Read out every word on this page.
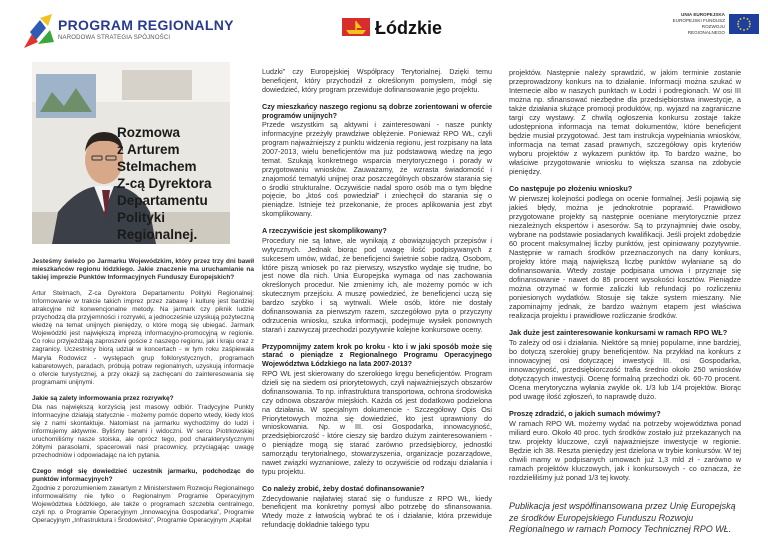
PROGRAM REGIONALNY
NARODOWA STRATEGIA SPÓJNOŚCI	Łódzkie
UNIA EUROPEJSKA
EUROPEJSKI FUNDUSZ
ROZWOJU REGIONALNEGO
Rozmowa
z Arturem Stelmachem
Z-cą Dyrektora
Departamentu
Polityki Regionalnej.

Jesteśmy świeżo po Jarmarku Wojewódzkim, który przez trzy dni bawił mieszkańców regionu łódzkiego. Jakie znaczenie ma uruchamianie na takiej imprezie Punktów Informacyjnych Funduszy Europejskich?

Artur Stelmach, Z-ca Dyrektora Departamentu Polityki Regionalnej: Informowanie w trakcie takich imprez przez zabawę i kulturę jest bardziej atrakcyjne niż konwencjonalne metody. Na jarmark czy piknik ludzie przychodzą dla przyjemności i rozrywki, a jednocześnie uzyskują pożyteczną wiedzę na temat unijnych pieniędzy, o które mogą się ubiegać. Jarmark Wojewódzki jest największą imprezą informacyjno-promocyjną w regionie. Co roku przyjeżdżają zaproszeni goście z naszego regionu, jak i kraju oraz z zagranicy. Uczestnicy biorą udział w koncertach - w tym roku zaśpiewała Maryla Rodowicz - występach grup folklorystycznych, programach kabaretowych, paradach, próbują potraw regionalnych, uzyskują informacje o ofercie turystycznej, a przy okazji są zachęcani do zainteresowania się programami unijnymi.

Jakie są zalety informowania przez rozrywkę?

Dla nas największą korzyścią jest masowy odbiór. Tradycyjne Punkty Informacyjne działają statycznie - możemy pomóc doperto wtedy, kiedy ktoś się z nami skontaktuje. Natomiast na jarmarku wychodzimy do ludzi i informujemy aktywnie. Byliśmy barwni i widoczni. W sercu Piotrkowskiej uruchomiliśmy nasze stoiska, ale oprócz tego, pod charakterystycznymi żółtymi parasolami, spacerowali nasi pracownicy, przyciągając uwagę przechodniów i odpowiadając na ich pytania.

Czego mógł się dowiedzieć uczestnik jarmarku, podchodząc do punktów informacyjnych?

Zgodnie z porozumieniem zawartym z Ministerstwem Rozwoju Regionalnego informowaliśmy nie tylko o Regionalnym Programie Operacyjnym Województwa Łódzkiego, ale także o programach szczebla centralnego, czyli np. o Programie Operacyjnym „Innowacyjna Gospodarka”, Programie Operacyjnym „Infrastruktura i Środowisko”, Programie Operacyjnym „Kapitał

Ludzki” czy Europejskiej Współpracy Terytorialnej. Dzięki temu beneficjent, który przychodził z określonym pomysłem, mógł się dowiedzieć, który program przewiduje dofinansowanie jego projektu.

Czy mieszkańcy naszego regionu są dobrze zorientowani w ofercie programów unijnych?

Przede wszystkim są aktywni i zainteresowani - nasze punkty informacyjne przeżyły prawdziwe oblężenie. Ponieważ RPO WŁ, czyli program najważniejszy z punktu widzenia regionu, jest rozpisany na lata 2007-2013, wielu beneficjentów ma już podstawową wiedzę na jego temat. Szukają konkretnego wsparcia merytorycznego i porady w przygotowaniu wniosków. Zauważamy, że wzrasta świadomość i znajomość tematyki unijnej oraz poszczególnych obszarów starania się o środki strukturalne. Oczywiście nadal sporo osób ma o tym błędne pojęcie, bo „ktoś coś powiedział” i zniechęcił do starania się o pieniądze. Istnieje też przekonanie, że proces aplikowania jest zbyt skomplikowany.

A rzeczywiście jest skomplikowany?

Procedury nie są łatwe, ale wynikają z obowiązujących przepisów i wytycznych. Jednak biorąc pod uwagę ilość podpisywanych z sukcesem umów, widać, że beneficjenci świetnie sobie radzą. Osobom, które piszą wniosek po raz pierwszy, wszystko wydaje się trudne, bo jest nowe dla nich. Unia Europejska wymaga od nas zachowania określonych procedur. Nie zmienimy ich, ale możemy pomóc w ich skutecznym przejściu. A muszę powiedzieć, że beneficjenci uczą się bardzo szybko i są wytrwali. Wiele osób, które nie dostały dofinansowania za pierwszym razem, szczegółowo pyta o przyczyny odrzucenia wniosku, szuka informacji, podejmuje wysiłek ponownych starań i zazwyczaj przechodzi pozytywnie kolejne konkursowe oceny.

Przypomnijmy zatem krok po kroku - kto i w jaki sposób może się starać o pieniądze z Regionalnego Programu Operacyjnego Województwa Łódzkiego na lata 2007-2013?

RPO WŁ jest skierowany do szerokiego kręgu beneficjentów. Program dzieli się na siedem osi priorytetowych, czyli najważniejszych obszarów dofinansowania. To np. infrastruktura transportowa, ochrona środowiska czy odnowa obszarów miejskich. Każda oś jest dodatkowo podzielona na działania. W specjalnym dokumencie - Szczegółowy Opis Osi Priorytetowych można się dowiedzieć, kto jest uprawniony do wnioskowania. Np. w III. osi Gospodarka, innowacyjność, przedsiębiorczość - które cieszy się bardzo dużym zainteresowaniem - o pieniądze mogą się starać zarówno przedsiębiorcy, jednostki samorządu terytorialnego, stowarzyszenia, organizacje pozarządowe, nawet związki wyznaniowe, zależy to oczywiście od rodzaju działania i typu projektu.

Co należy zrobić, żeby dostać dofinansowanie?

Zdecydowanie najłatwiej starać się o fundusze z RPO WŁ, kiedy beneficjent ma konkretny pomysł albo potrzebę do sfinansowania. Wtedy może z łatwością wybrać te oś i działanie, która przewiduje refundację dokładnie takiego typu

projektów. Następnie należy sprawdzić, w jakim terminie zostanie przeprowadzony konkurs na to działanie. Informacji można szukać w Internecie albo w naszych punktach w Łodzi i podregionach. W osi III można np. sfinansować niezbędne dla przedsiębiorstwa inwestycje, a także działania służące promocji produktów, np. wyjazd na zagraniczne targi czy wystawy. Z chwilą ogłoszenia konkursu zostaje także udostępniona informacja na temat dokumentów, które beneficjent będzie musiał przygotować. Jest tam instrukcja wypełniania wniosków, informacja na temat zasad prawnych, szczegółowy opis kryteriów wyboru projektów z wykazem punktów itp. To bardzo ważne, bo właściwe przygotowanie wniosku to większa szansa na zdobycie pieniędzy.

Co następuje po złożeniu wniosku?

W pierwszej kolejności podlega on ocenie formalnej. Jeśli pojawią się jakieś błędy, można je jednokrotnie poprawić. Prawidłowo przygotowane projekty są następnie oceniane merytorycznie przez niezależnych ekspertów i asesorów. Są to przynajmniej dwie osoby, wybrane na podstawie posiadanych kwalifikacji. Jeśli projekt zdobędzie 60 procent maksymalnej liczby punktów, jest opiniowany pozytywnie. Następnie w ramach środków przeznaczonych na dany konkurs, projekty które mają największą liczbę punktów wyłaniane są do dofinansowania. Wtedy zostaje podpisana umowa i przyznaje się dofinansowanie - nawet do 85 procent wysokości kosztów. Pieniądze można otrzymać w formie zaliczki lub refundacji po rozliczeniu poniesionych wydatków. Stosuje się także system mieszany. Nie zapominajmy jednak, że bardzo ważnym etapem jest właściwa realizacja projektu i prawidłowe rozliczanie środków.

Jak duże jest zainteresowanie konkursami w ramach RPO WŁ?

To zależy od osi i działania. Niektóre są mniej popularne, inne bardziej, bo dotyczą szerokiej grupy beneficjentów. Na przykład na konkurs z innowacyjnej osi dotyczącej inwestycji III. osi Gospodarka, innowacyjność, przedsiębiorczość trafia średnio około 250 wniosków dotyczących inwestycji. Ocenę formalną przechodzi ok. 60-70 procent. Ocena merytoryczna wyłania zwykle ok. 1/3 lub 1/4 projektów. Biorąc pod uwagę ilość zgłoszeń, to naprawdę dużo.

Proszę zdradzić, o jakich sumach mówimy?

W ramach RPO WŁ możemy wydać na potrzeby województwa ponad miliard euro. Około 40 proc. tych środków zostało już przekazanych na tzw. projekty kluczowe, czyli najważniejsze inwestycje w regionie. Będzie ich 38. Reszta pieniędzy jest dzielona w trybie konkursów. W tej chwili mamy w podpisanych umowach już 1,3 mld zł - zarówno w ramach projektów kluczowych, jak i konkursowych - co oznacza, że rozdzieliliśmy już ponad 1/3 tej kwoty.

Publikacja jest współfinansowana przez Unię Europejską ze środków Europejskiego Funduszu Rozwoju Regionalnego w ramach Pomocy Technicznej RPO WŁ.
